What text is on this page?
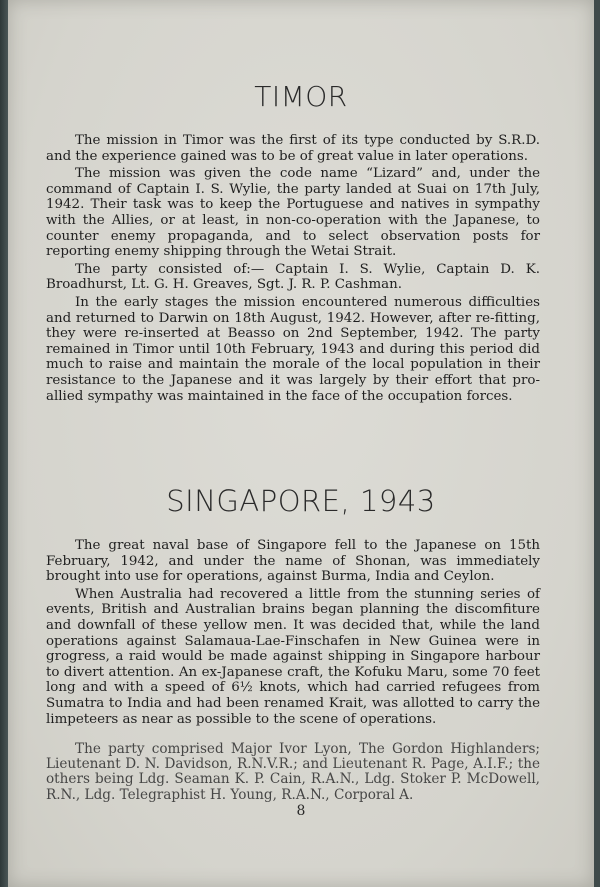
TIMOR

The mission in Timor was the first of its type conducted by S.R.D. and the experience gained was to be of great value in later operations.

The mission was given the code name “Lizard” and, under the command of Captain I. S. Wylie, the party landed at Suai on 17th July, 1942. Their task was to keep the Portuguese and natives in sympathy with the Allies, or at least, in non-co-operation with the Japanese, to counter enemy propaganda, and to select observation posts for reporting enemy shipping through the Wetai Strait.

The party consisted of:— Captain I. S. Wylie, Captain D. K. Broadhurst, Lt. G. H. Greaves, Sgt. J. R. P. Cashman.

In the early stages the mission encountered numerous difficulties and returned to Darwin on 18th August, 1942. However, after re-fitting, they were re-inserted at Beasso on 2nd September, 1942. The party remained in Timor until 10th February, 1943 and during this period did much to raise and maintain the morale of the local population in their resistance to the Japanese and it was largely by their effort that pro-allied sympathy was maintained in the face of the occupation forces.

SINGAPORE, 1943

The great naval base of Singapore fell to the Japanese on 15th February, 1942, and under the name of Shonan, was immediately brought into use for operations, against Burma, India and Ceylon.

When Australia had recovered a little from the stunning series of events, British and Australian brains began planning the discomfiture and downfall of these yellow men. It was decided that, while the land operations against Salamaua-Lae-Finschafen in New Guinea were in grogress, a raid would be made against shipping in Singapore harbour to divert attention. An ex-Japanese craft, the Kofuku Maru, some 70 feet long and with a speed of 6½ knots, which had carried refugees from Sumatra to India and had been renamed Krait, was allotted to carry the limpeteers as near as possible to the scene of operations.

The party comprised Major Ivor Lyon, The Gordon Highlanders; Lieutenant D. N. Davidson, R.N.V.R.; and Lieutenant R. Page, A.I.F.; the others being Ldg. Seaman K. P. Cain, R.A.N., Ldg. Stoker P. McDowell, R.N., Ldg. Telegraphist H. Young, R.A.N., Corporal A.

8
